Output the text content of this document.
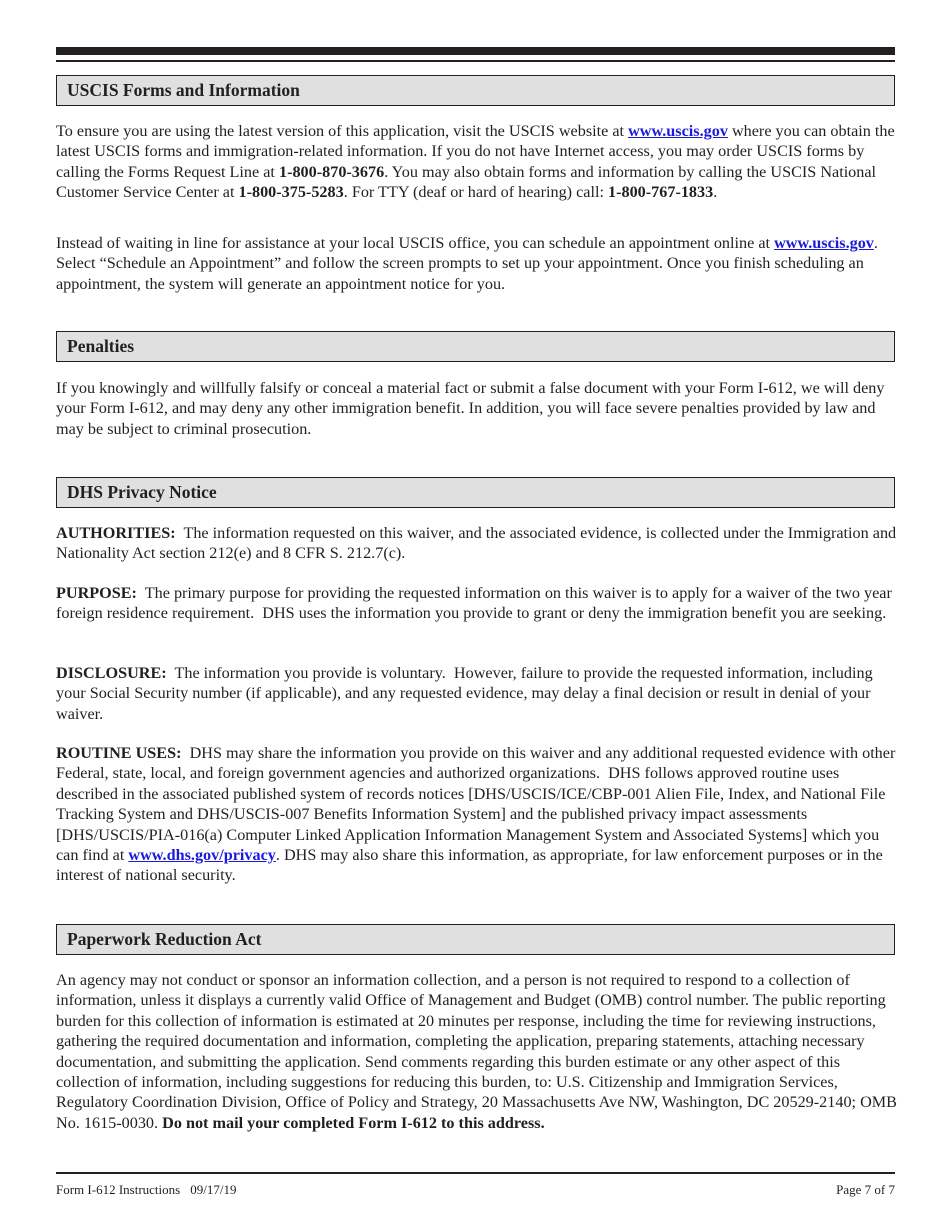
USCIS Forms and Information

To ensure you are using the latest version of this application, visit the USCIS website at www.uscis.gov where you can obtain the latest USCIS forms and immigration-related information. If you do not have Internet access, you may order USCIS forms by calling the Forms Request Line at 1-800-870-3676. You may also obtain forms and information by calling the USCIS National Customer Service Center at 1-800-375-5283. For TTY (deaf or hard of hearing) call: 1-800-767-1833.

Instead of waiting in line for assistance at your local USCIS office, you can schedule an appointment online at www.uscis.gov. Select “Schedule an Appointment” and follow the screen prompts to set up your appointment. Once you finish scheduling an appointment, the system will generate an appointment notice for you.

Penalties

If you knowingly and willfully falsify or conceal a material fact or submit a false document with your Form I-612, we will deny your Form I-612, and may deny any other immigration benefit. In addition, you will face severe penalties provided by law and may be subject to criminal prosecution.

DHS Privacy Notice

AUTHORITIES:  The information requested on this waiver, and the associated evidence, is collected under the Immigration and Nationality Act section 212(e) and 8 CFR S. 212.7(c).

PURPOSE:  The primary purpose for providing the requested information on this waiver is to apply for a waiver of the two year foreign residence requirement.  DHS uses the information you provide to grant or deny the immigration benefit you are seeking.

DISCLOSURE:  The information you provide is voluntary.  However, failure to provide the requested information, including your Social Security number (if applicable), and any requested evidence, may delay a final decision or result in denial of your waiver.

ROUTINE USES:  DHS may share the information you provide on this waiver and any additional requested evidence with other Federal, state, local, and foreign government agencies and authorized organizations.  DHS follows approved routine uses described in the associated published system of records notices [DHS/USCIS/ICE/CBP-001 Alien File, Index, and National File Tracking System and DHS/USCIS-007 Benefits Information System] and the published privacy impact assessments [DHS/USCIS/PIA-016(a) Computer Linked Application Information Management System and Associated Systems] which you can find at www.dhs.gov/privacy. DHS may also share this information, as appropriate, for law enforcement purposes or in the interest of national security.

Paperwork Reduction Act

An agency may not conduct or sponsor an information collection, and a person is not required to respond to a collection of information, unless it displays a currently valid Office of Management and Budget (OMB) control number. The public reporting burden for this collection of information is estimated at 20 minutes per response, including the time for reviewing instructions, gathering the required documentation and information, completing the application, preparing statements, attaching necessary documentation, and submitting the application. Send comments regarding this burden estimate or any other aspect of this collection of information, including suggestions for reducing this burden, to: U.S. Citizenship and Immigration Services, Regulatory Coordination Division, Office of Policy and Strategy, 20 Massachusetts Ave NW, Washington, DC 20529-2140; OMB No. 1615-0030. Do not mail your completed Form I-612 to this address.

Form I-612 Instructions 09/17/19	Page 7 of 7
